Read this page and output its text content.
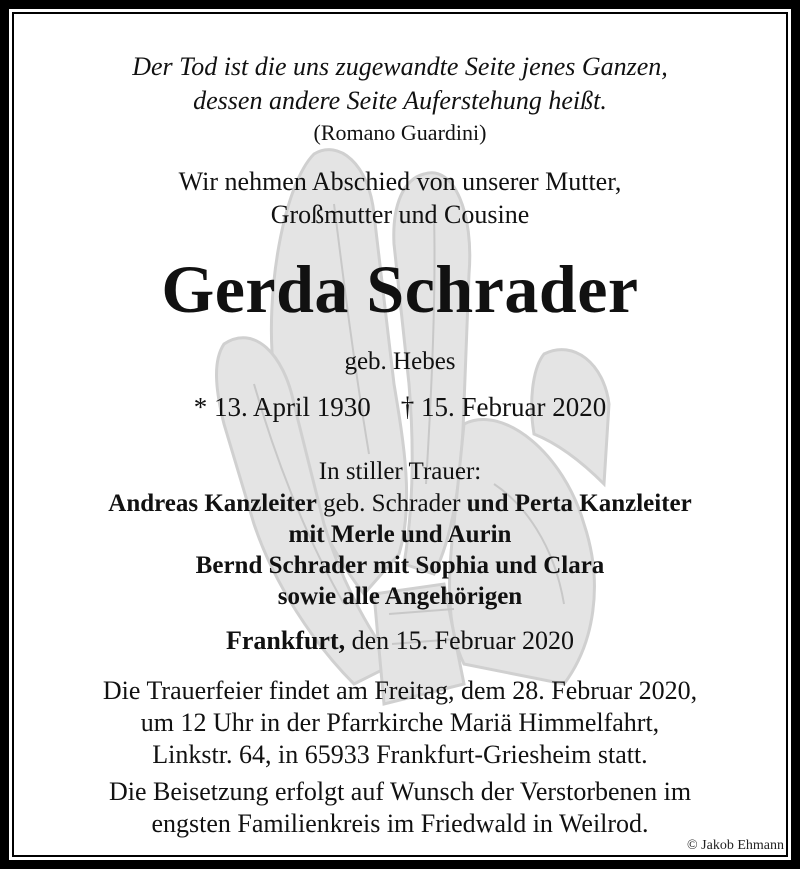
Der Tod ist die uns zugewandte Seite jenes Ganzen,
dessen andere Seite Auferstehung heißt.
(Romano Guardini)
Wir nehmen Abschied von unserer Mutter,
Großmutter und Cousine
Gerda Schrader
geb. Hebes
* 13. April 1930 † 15. Februar 2020
In stiller Trauer:
Andreas Kanzleiter geb. Schrader und Perta Kanzleiter
mit Merle und Aurin
Bernd Schrader mit Sophia und Clara
sowie alle Angehörigen
Frankfurt, den 15. Februar 2020
Die Trauerfeier findet am Freitag, dem 28. Februar 2020,
um 12 Uhr in der Pfarrkirche Mariä Himmelfahrt,
Linkstr. 64, in 65933 Frankfurt-Griesheim statt.
Die Beisetzung erfolgt auf Wunsch der Verstorbenen im
engsten Familienkreis im Friedwald in Weilrod.
© Jakob Ehmann
